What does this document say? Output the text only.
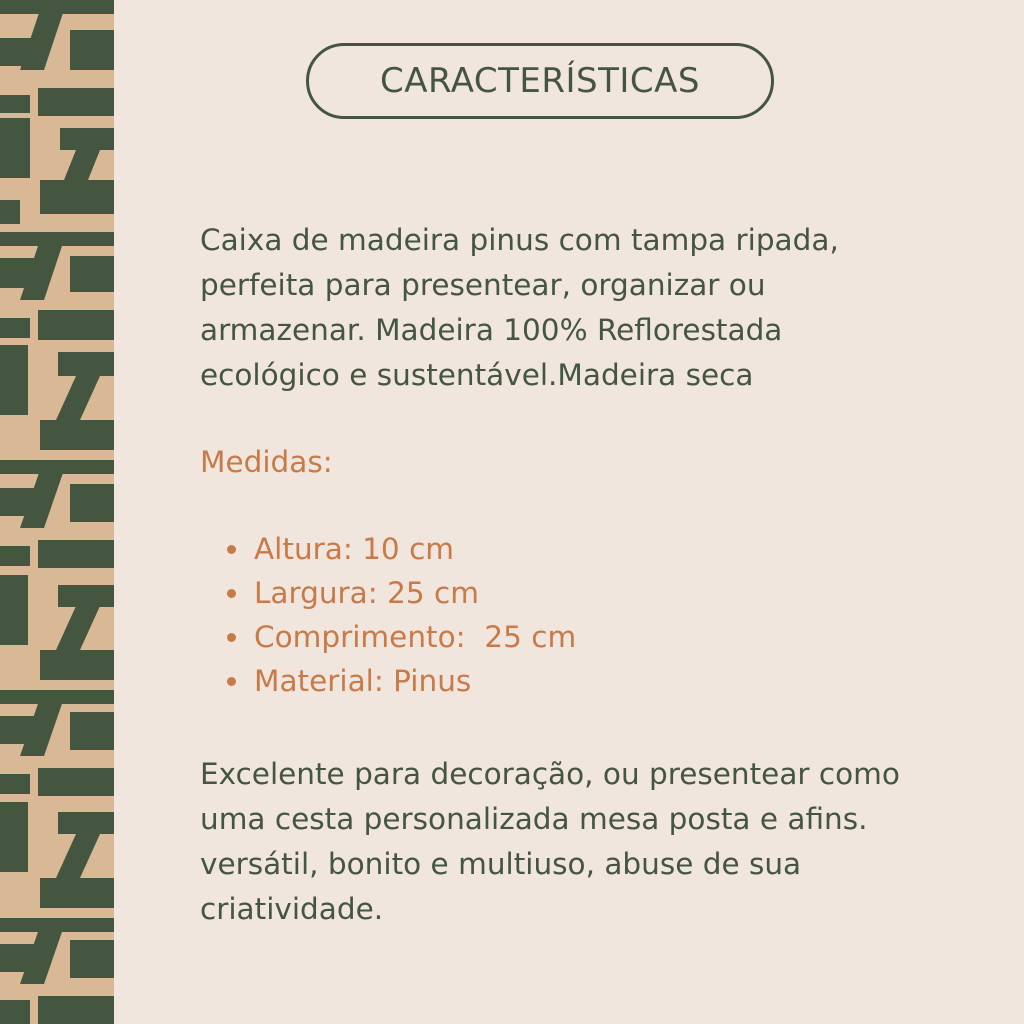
CARACTERÍSTICAS

Caixa de madeira pinus com tampa ripada,

perfeita para presentear, organizar ou

armazenar. Madeira 100% Reflorestada

ecológico e sustentável.Madeira seca

Medidas:
Altura: 10 cm
Largura: 25 cm
Comprimento:  25 cm
Material: Pinus

Excelente para decoração, ou presentear como

uma cesta personalizada mesa posta e afins.

versátil, bonito e multiuso, abuse de sua

criatividade.
